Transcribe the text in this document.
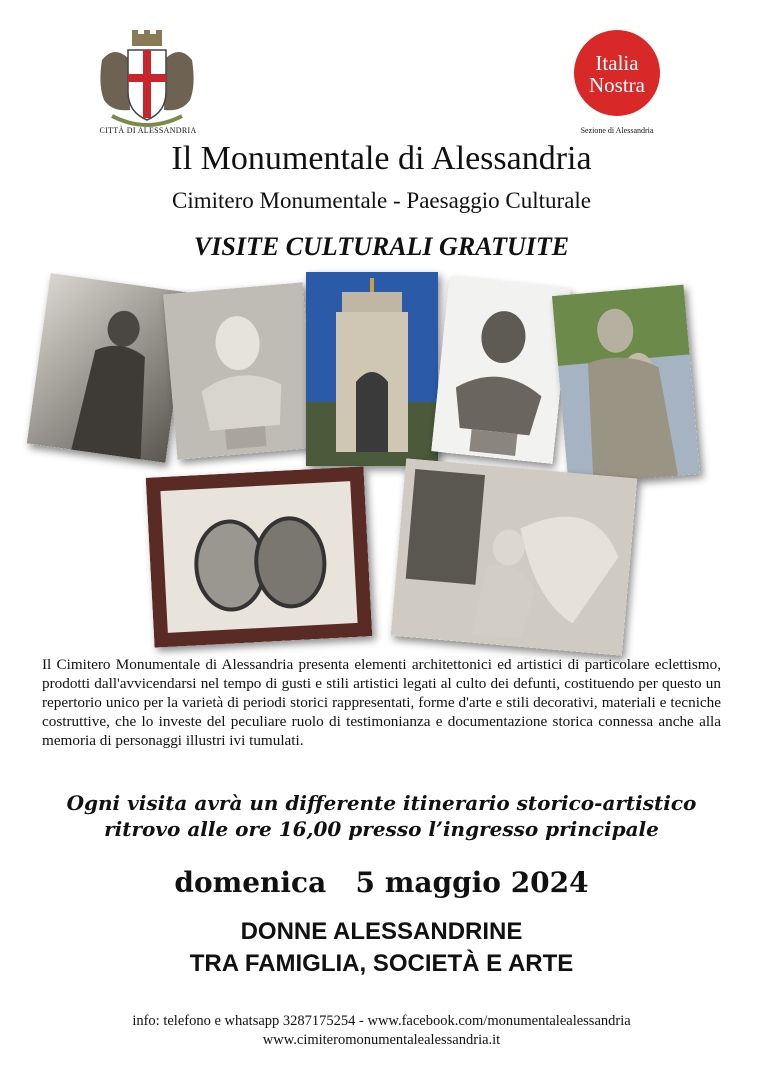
CITTÀ DI ALESSANDRIA
Italia
Nostra
Sezione di Alessandria
Il Monumentale di Alessandria
Cimitero Monumentale - Paesaggio Culturale
VISITE CULTURALI GRATUITE
Il Cimitero Monumentale di Alessandria presenta elementi architettonici ed artistici di particolare eclettismo, prodotti dall'avvicendarsi nel tempo di gusti e stili artistici legati al culto dei defunti, costituendo per questo un repertorio unico per la varietà di periodi storici rappresentati, forme d'arte e stili decorativi, materiali e tecniche costruttive, che lo investe del peculiare ruolo di testimonianza e documentazione storica connessa anche alla memoria di personaggi illustri ivi tumulati.
Ogni visita avrà un differente itinerario storico-artistico
ritrovo alle ore 16,00 presso l’ingresso principale
domenica   5 maggio 2024
DONNE ALESSANDRINE
TRA FAMIGLIA, SOCIETÀ E ARTE
info: telefono e whatsapp 3287175254 - www.facebook.com/monumentalealessandria
www.cimiteromonumentalealessandria.it
